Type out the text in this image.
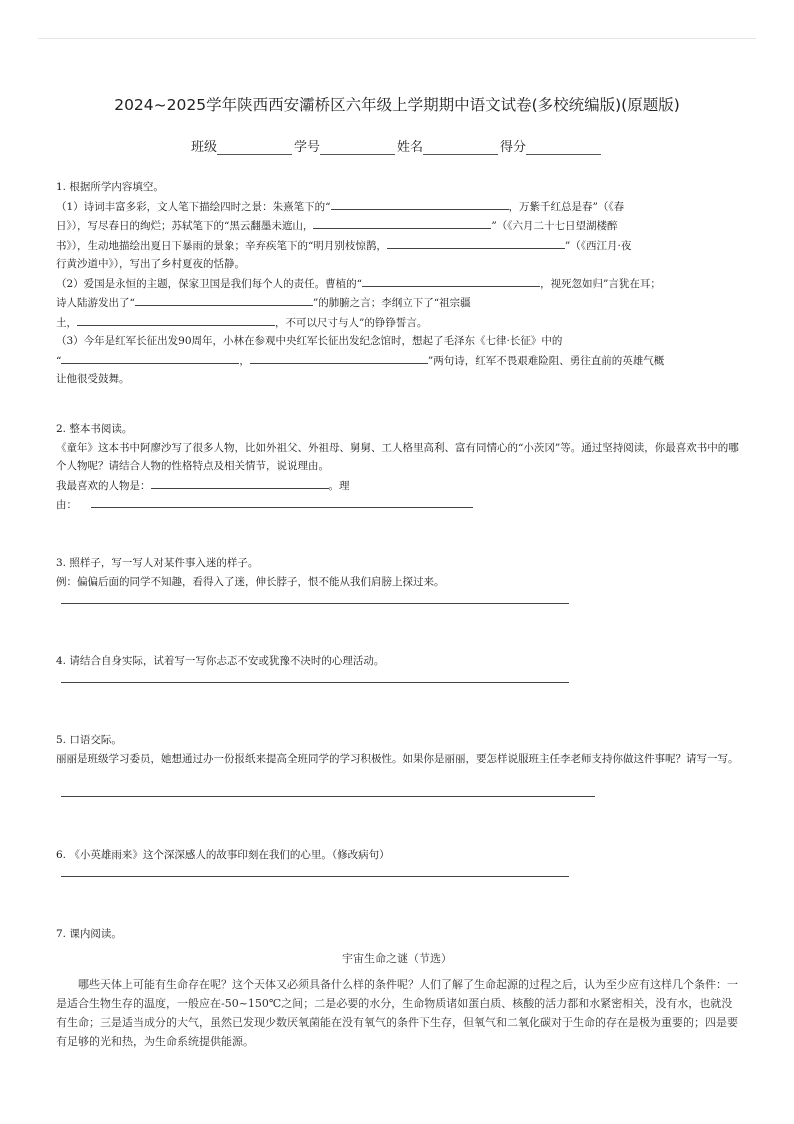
2024~2025学年陕西西安灞桥区六年级上学期期中语文试卷(多校统编版)(原题版)
班级	学号	姓名	得分

1. 根据所学内容填空。

（1）诗词丰富多彩，文人笔下描绘四时之景：朱熹笔下的“	，万紫千红总是春”（《春

日》），写尽春日的绚烂；苏轼笔下的“黑云翻墨未遮山，	”（《六月二十七日望湖楼醉

书》），生动地描绘出夏日下暴雨的景象；辛弃疾笔下的“明月别枝惊鹊，	”（《西江月·夜

行黄沙道中》），写出了乡村夏夜的恬静。

（2）爱国是永恒的主题，保家卫国是我们每个人的责任。曹植的“	，视死忽如归”言犹在耳；

诗人陆游发出了“	”的肺腑之言；李纲立下了“祖宗疆

土，	，不可以尺寸与人”的铮铮誓言。

（3）今年是红军长征出发90周年，小林在参观中央红军长征出发纪念馆时，想起了毛泽东《七律·长征》中的

“	，	”两句诗，红军不畏艰难险阻、勇往直前的英雄气概

让他很受鼓舞。

2. 整本书阅读。

《童年》这本书中阿廖沙写了很多人物，比如外祖父、外祖母、舅舅、工人格里高利、富有同情心的“小茨冈”等。通过坚持阅读，你最喜欢书中的哪个人物呢？请结合人物的性格特点及相关情节，说说理由。

我最喜欢的人物是：	。理

由：

3. 照样子，写一写人对某件事入迷的样子。

例：偏偏后面的同学不知趣，看得入了迷，伸长脖子，恨不能从我们肩膀上探过来。

4. 请结合自身实际，试着写一写你忐忑不安或犹豫不决时的心理活动。

5. 口语交际。

丽丽是班级学习委员，她想通过办一份报纸来提高全班同学的学习积极性。如果你是丽丽，要怎样说服班主任李老师支持你做这件事呢？请写一写。

6. 《小英雄雨来》这个深深感人的故事印刻在我们的心里。（修改病句）

7. 课内阅读。

宇宙生命之谜（节选）
哪些天体上可能有生命存在呢？这个天体又必须具备什么样的条件呢？人们了解了生命起源的过程之后，认为至少应有这样几个条件：一是适合生物生存的温度，一般应在-50~150℃之间；二是必要的水分，生命物质诸如蛋白质、核酸的活力都和水紧密相关，没有水，也就没有生命；三是适当成分的大气，虽然已发现少数厌氧菌能在没有氧气的条件下生存，但氧气和二氧化碳对于生命的存在是极为重要的；四是要有足够的光和热，为生命系统提供能源。
